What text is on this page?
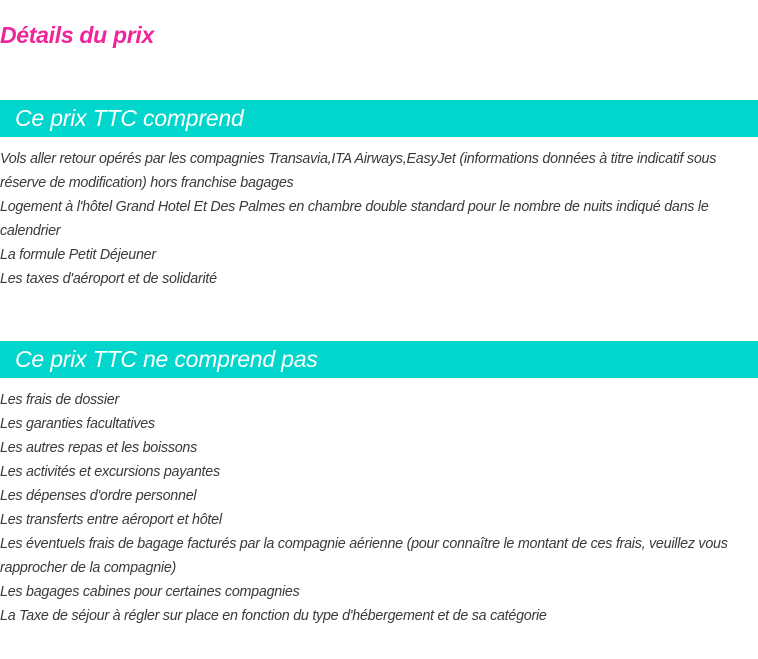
Détails du prix
Ce prix TTC comprend
Vols aller retour opérés par les compagnies Transavia,ITA Airways,EasyJet (informations données à titre indicatif sous réserve de modification) hors franchise bagages
Logement à l'hôtel Grand Hotel Et Des Palmes en chambre double standard pour le nombre de nuits indiqué dans le calendrier
La formule Petit Déjeuner
Les taxes d'aéroport et de solidarité
Ce prix TTC ne comprend pas
Les frais de dossier
Les garanties facultatives
Les autres repas et les boissons
Les activités et excursions payantes
Les dépenses d'ordre personnel
Les transferts entre aéroport et hôtel
Les éventuels frais de bagage facturés par la compagnie aérienne (pour connaître le montant de ces frais, veuillez vous rapprocher de la compagnie)
Les bagages cabines pour certaines compagnies
La Taxe de séjour à régler sur place en fonction du type d'hébergement et de sa catégorie
